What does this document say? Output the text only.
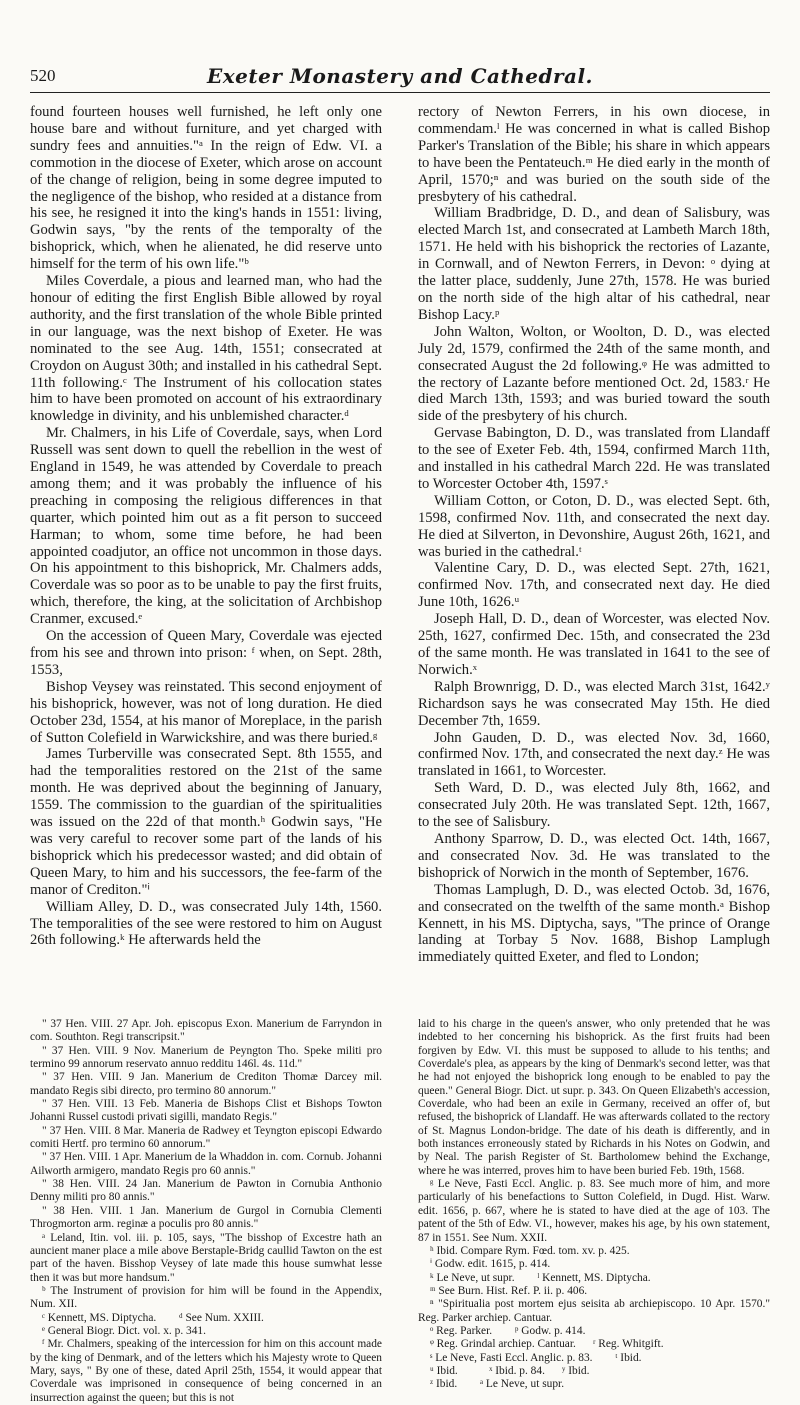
520	Exeter Monastery and Cathedral.

found fourteen houses well furnished, he left only one house bare and without furniture, and yet charged with sundry fees and annuities."ᵃ In the reign of Edw. VI. a commotion in the diocese of Exeter, which arose on account of the change of religion, being in some degree imputed to the negligence of the bishop, who resided at a distance from his see, he resigned it into the king's hands in 1551: living, Godwin says, "by the rents of the temporalty of the bishoprick, which, when he alienated, he did reserve unto himself for the term of his own life."ᵇ

Miles Coverdale, a pious and learned man, who had the honour of editing the first English Bible allowed by royal authority, and the first translation of the whole Bible printed in our language, was the next bishop of Exeter. He was nominated to the see Aug. 14th, 1551; consecrated at Croydon on August 30th; and installed in his cathedral Sept. 11th following.ᶜ The Instrument of his collocation states him to have been promoted on account of his extraordinary knowledge in divinity, and his unblemished character.ᵈ

Mr. Chalmers, in his Life of Coverdale, says, when Lord Russell was sent down to quell the rebellion in the west of England in 1549, he was attended by Coverdale to preach among them; and it was probably the influence of his preaching in composing the religious differences in that quarter, which pointed him out as a fit person to succeed Harman; to whom, some time before, he had been appointed coadjutor, an office not uncommon in those days. On his appointment to this bishoprick, Mr. Chalmers adds, Coverdale was so poor as to be unable to pay the first fruits, which, therefore, the king, at the solicitation of Archbishop Cranmer, excused.ᵉ

On the accession of Queen Mary, Coverdale was ejected from his see and thrown into prison: ᶠ when, on Sept. 28th, 1553,

Bishop Veysey was reinstated. This second enjoyment of his bishoprick, however, was not of long duration. He died October 23d, 1554, at his manor of Moreplace, in the parish of Sutton Colefield in Warwickshire, and was there buried.ᵍ

James Turberville was consecrated Sept. 8th 1555, and had the temporalities restored on the 21st of the same month. He was deprived about the beginning of January, 1559. The commission to the guardian of the spiritualities was issued on the 22d of that month.ʰ Godwin says, "He was very careful to recover some part of the lands of his bishoprick which his predecessor wasted; and did obtain of Queen Mary, to him and his successors, the fee-farm of the manor of Crediton."ⁱ

William Alley, D. D., was consecrated July 14th, 1560. The temporalities of the see were restored to him on August 26th following.ᵏ He afterwards held the

rectory of Newton Ferrers, in his own diocese, in commendam.ˡ He was concerned in what is called Bishop Parker's Translation of the Bible; his share in which appears to have been the Pentateuch.ᵐ He died early in the month of April, 1570;ⁿ and was buried on the south side of the presbytery of his cathedral.

William Bradbridge, D. D., and dean of Salisbury, was elected March 1st, and consecrated at Lambeth March 18th, 1571. He held with his bishoprick the rectories of Lazante, in Cornwall, and of Newton Ferrers, in Devon: ᵒ dying at the latter place, suddenly, June 27th, 1578. He was buried on the north side of the high altar of his cathedral, near Bishop Lacy.ᵖ

John Walton, Wolton, or Woolton, D. D., was elected July 2d, 1579, confirmed the 24th of the same month, and consecrated August the 2d following.ᵠ He was admitted to the rectory of Lazante before mentioned Oct. 2d, 1583.ʳ He died March 13th, 1593; and was buried toward the south side of the presbytery of his church.

Gervase Babington, D. D., was translated from Llandaff to the see of Exeter Feb. 4th, 1594, confirmed March 11th, and installed in his cathedral March 22d. He was translated to Worcester October 4th, 1597.ˢ

William Cotton, or Coton, D. D., was elected Sept. 6th, 1598, confirmed Nov. 11th, and consecrated the next day. He died at Silverton, in Devonshire, August 26th, 1621, and was buried in the cathedral.ᵗ

Valentine Cary, D. D., was elected Sept. 27th, 1621, confirmed Nov. 17th, and consecrated next day. He died June 10th, 1626.ᵘ

Joseph Hall, D. D., dean of Worcester, was elected Nov. 25th, 1627, confirmed Dec. 15th, and consecrated the 23d of the same month. He was translated in 1641 to the see of Norwich.ˣ

Ralph Brownrigg, D. D., was elected March 31st, 1642.ʸ Richardson says he was consecrated May 15th. He died December 7th, 1659.

John Gauden, D. D., was elected Nov. 3d, 1660, confirmed Nov. 17th, and consecrated the next day.ᶻ He was translated in 1661, to Worcester.

Seth Ward, D. D., was elected July 8th, 1662, and consecrated July 20th. He was translated Sept. 12th, 1667, to the see of Salisbury.

Anthony Sparrow, D. D., was elected Oct. 14th, 1667, and consecrated Nov. 3d. He was translated to the bishoprick of Norwich in the month of September, 1676.

Thomas Lamplugh, D. D., was elected Octob. 3d, 1676, and consecrated on the twelfth of the same month.ᵃ Bishop Kennett, in his MS. Diptycha, says, "The prince of Orange landing at Torbay 5 Nov. 1688, Bishop Lamplugh immediately quitted Exeter, and fled to London;

" 37 Hen. VIII. 27 Apr. Joh. episcopus Exon. Manerium de Farryndon in com. Southton. Regi transcripsit."

" 37 Hen. VIII. 9 Nov. Manerium de Peyngton Tho. Speke militi pro termino 99 annorum reservato annuo redditu 146l. 4s. 11d."

" 37 Hen. VIII. 9 Jan. Manerium de Crediton Thomæ Darcey mil. mandato Regis sibi directo, pro termino 80 annorum."

" 37 Hen. VIII. 13 Feb. Maneria de Bishops Clist et Bishops Towton Johanni Russel custodi privati sigilli, mandato Regis."

" 37 Hen. VIII. 8 Mar. Maneria de Radwey et Teyngton episcopi Edwardo comiti Hertf. pro termino 60 annorum."

" 37 Hen. VIII. 1 Apr. Manerium de la Whaddon in. com. Cornub. Johanni Ailworth armigero, mandato Regis pro 60 annis."

" 38 Hen. VIII. 24 Jan. Manerium de Pawton in Cornubia Anthonio Denny militi pro 80 annis."

" 38 Hen. VIII. 1 Jan. Manerium de Gurgol in Cornubia Clementi Throgmorton arm. reginæ a poculis pro 80 annis."

ᵃ Leland, Itin. vol. iii. p. 105, says, "The bisshop of Excestre hath an auncient maner place a mile above Berstaple-Bridg caullid Tawton on the est part of the haven. Bisshop Veysey of late made this house sumwhat lesse then it was but more handsum."

ᵇ The Instrument of provision for him will be found in the Appendix, Num. XII.

ᶜ Kennett, MS. Diptycha. ᵈ See Num. XXIII.

ᵉ General Biogr. Dict. vol. x. p. 341.

ᶠ Mr. Chalmers, speaking of the intercession for him on this account made by the king of Denmark, and of the letters which his Majesty wrote to Queen Mary, says, " By one of these, dated April 25th, 1554, it would appear that Coverdale was imprisoned in consequence of being concerned in an insurrection against the queen; but this is not

laid to his charge in the queen's answer, who only pretended that he was indebted to her concerning his bishoprick. As the first fruits had been forgiven by Edw. VI. this must be supposed to allude to his tenths; and Coverdale's plea, as appears by the king of Denmark's second letter, was that he had not enjoyed the bishoprick long enough to be enabled to pay the queen." General Biogr. Dict. ut supr. p. 343. On Queen Elizabeth's accession, Coverdale, who had been an exile in Germany, received an offer of, but refused, the bishoprick of Llandaff. He was afterwards collated to the rectory of St. Magnus London-bridge. The date of his death is differently, and in both instances erroneously stated by Richards in his Notes on Godwin, and by Neal. The parish Register of St. Bartholomew behind the Exchange, where he was interred, proves him to have been buried Feb. 19th, 1568.

ᵍ Le Neve, Fasti Eccl. Anglic. p. 83. See much more of him, and more particularly of his benefactions to Sutton Colefield, in Dugd. Hist. Warw. edit. 1656, p. 667, where he is stated to have died at the age of 103. The patent of the 5th of Edw. VI., however, makes his age, by his own statement, 87 in 1551. See Num. XXII.

ʰ Ibid. Compare Rym. Fœd. tom. xv. p. 425.

ⁱ Godw. edit. 1615, p. 414.

ᵏ Le Neve, ut supr. ˡ Kennett, MS. Diptycha.

ᵐ See Burn. Hist. Ref. P. ii. p. 406.

ⁿ "Spiritualia post mortem ejus seisita ab archiepiscopo. 10 Apr. 1570." Reg. Parker archiep. Cantuar.

ᵒ Reg. Parker. ᵖ Godw. p. 414.

ᵠ Reg. Grindal archiep. Cantuar. ʳ Reg. Whitgift.

ˢ Le Neve, Fasti Eccl. Anglic. p. 83. ᵗ Ibid.

ᵘ Ibid.	ˣ Ibid. p. 84. ʸ Ibid.

ᶻ Ibid. ᵃ Le Neve, ut supr.
